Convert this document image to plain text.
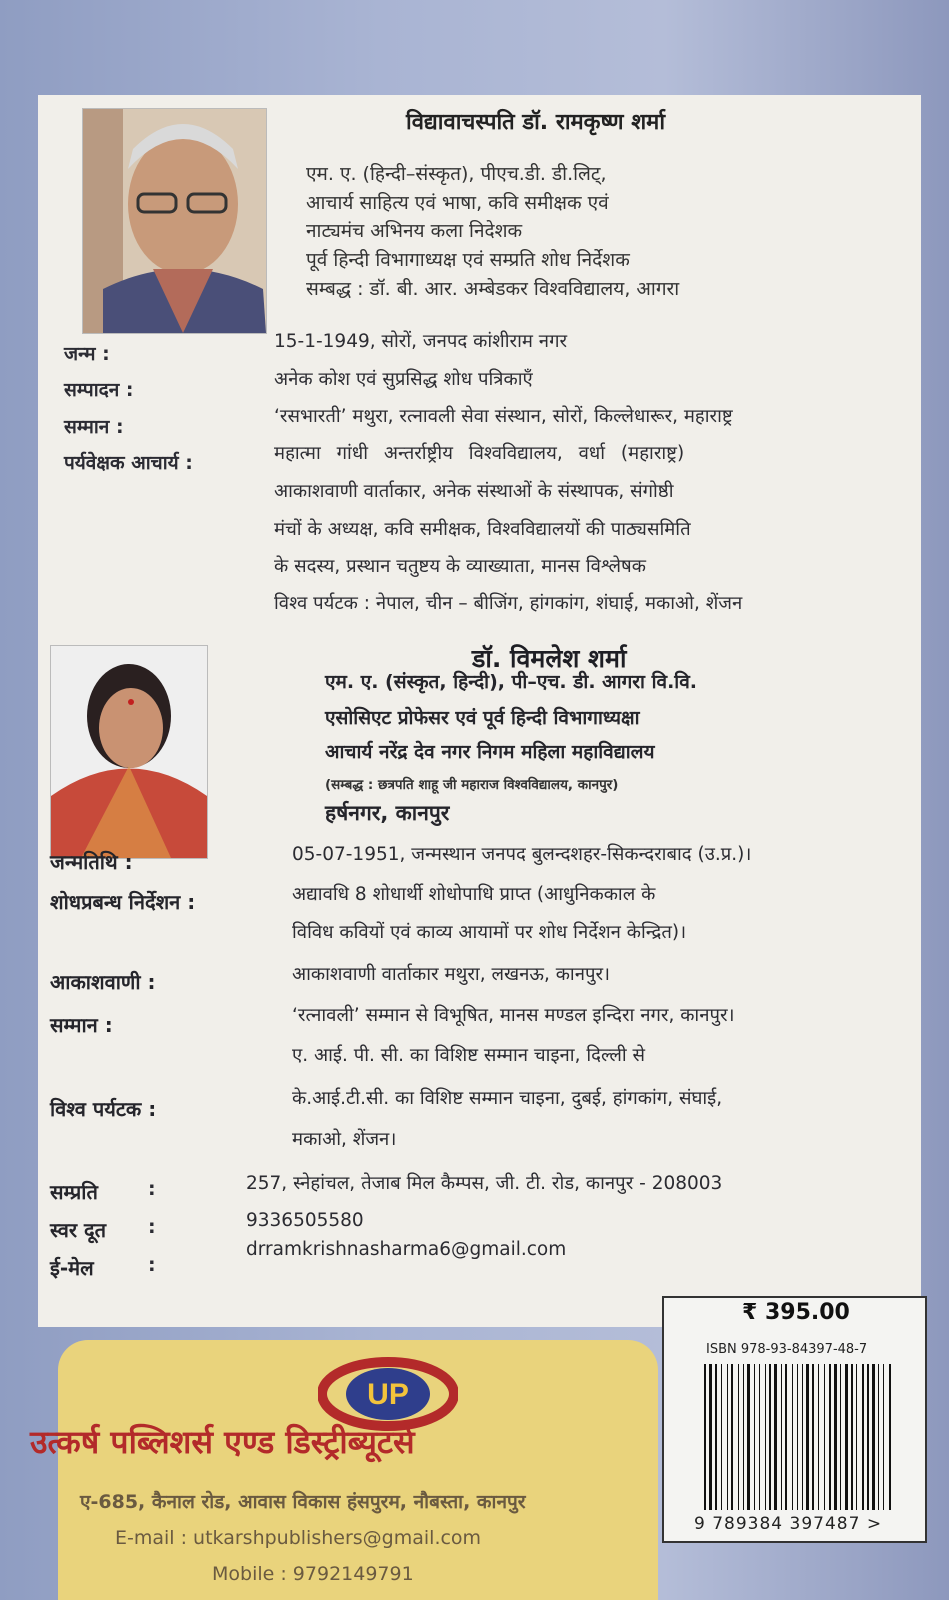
विद्यावाचस्पति डॉ. रामकृष्ण शर्मा
एम. ए. (हिन्दी–संस्कृत), पीएच.डी. डी.लिट्,
आचार्य साहित्य एवं भाषा, कवि समीक्षक एवं
नाट्यमंच अभिनय कला निदेशक
पूर्व हिन्दी विभागाध्यक्ष एवं सम्प्रति शोध निर्देशक
सम्बद्ध : डॉ. बी. आर. अम्बेडकर विश्वविद्यालय, आगरा
जन्म :
15-1-1949, सोरों, जनपद कांशीराम नगर
सम्पादन :	अनेक कोश एवं सुप्रसिद्ध शोध पत्रिकाएँ
सम्मान :	‘रसभारती’ मथुरा, रत्नावली सेवा संस्थान, सोरों, किल्लेधारूर, महाराष्ट्र
पर्यवेक्षक आचार्य :	महात्मा गांधी अन्तर्राष्ट्रीय विश्वविद्यालय, वर्धा (महाराष्ट्र)
आकाशवाणी वार्ताकार, अनेक संस्थाओं के संस्थापक, संगोष्ठी
मंचों के अध्यक्ष, कवि समीक्षक, विश्वविद्यालयों की पाठ्यसमिति
के सदस्य, प्रस्थान चतुष्टय के व्याख्याता, मानस विश्लेषक
विश्व पर्यटक : नेपाल, चीन – बीजिंग, हांगकांग, शंघाई, मकाओ, शेंजन
डॉ. विमलेश शर्मा
एम. ए. (संस्कृत, हिन्दी), पी–एच. डी. आगरा वि.वि.
एसोसिएट प्रोफेसर एवं पूर्व हिन्दी विभागाध्यक्षा
आचार्य नरेंद्र देव नगर निगम महिला महाविद्यालय
(सम्बद्ध : छत्रपति शाहू जी महाराज विश्वविद्यालय, कानपुर)
हर्षनगर, कानपुर
जन्मतिथि :	05-07-1951, जन्मस्थान जनपद बुलन्दशहर-सिकन्दराबाद (उ.प्र.)।
शोधप्रबन्ध निर्देशन :	अद्यावधि 8 शोधार्थी शोधोपाधि प्राप्त (आधुनिककाल के
विविध कवियों एवं काव्य आयामों पर शोध निर्देशन केन्द्रित)।
आकाशवाणी :	आकाशवाणी वार्ताकार मथुरा, लखनऊ, कानपुर।
सम्मान :	‘रत्नावली’ सम्मान से विभूषित, मानस मण्डल इन्दिरा नगर, कानपुर।
ए. आई. पी. सी. का विशिष्ट सम्मान चाइना, दिल्ली से
विश्व पर्यटक :	के.आई.टी.सी. का विशिष्ट सम्मान चाइना, दुबई, हांगकांग, संघाई,
मकाओ, शेंजन।
सम्प्रति	:	257, स्नेहांचल, तेजाब मिल कैम्पस, जी. टी. रोड, कानपुर - 208003
स्वर दूत :	9336505580
ई-मेल	:
drramkrishnasharma6@gmail.com
UP
उत्कर्ष पब्लिशर्स एण्ड डिस्ट्रीब्यूटर्स
ए-685, कैनाल रोड, आवास विकास हंसपुरम, नौबस्ता, कानपुर
E-mail : utkarshpublishers@gmail.com
Mobile : 9792149791
₹ 395.00
ISBN 978-93-84397-48-7
9 789384 397487 >
